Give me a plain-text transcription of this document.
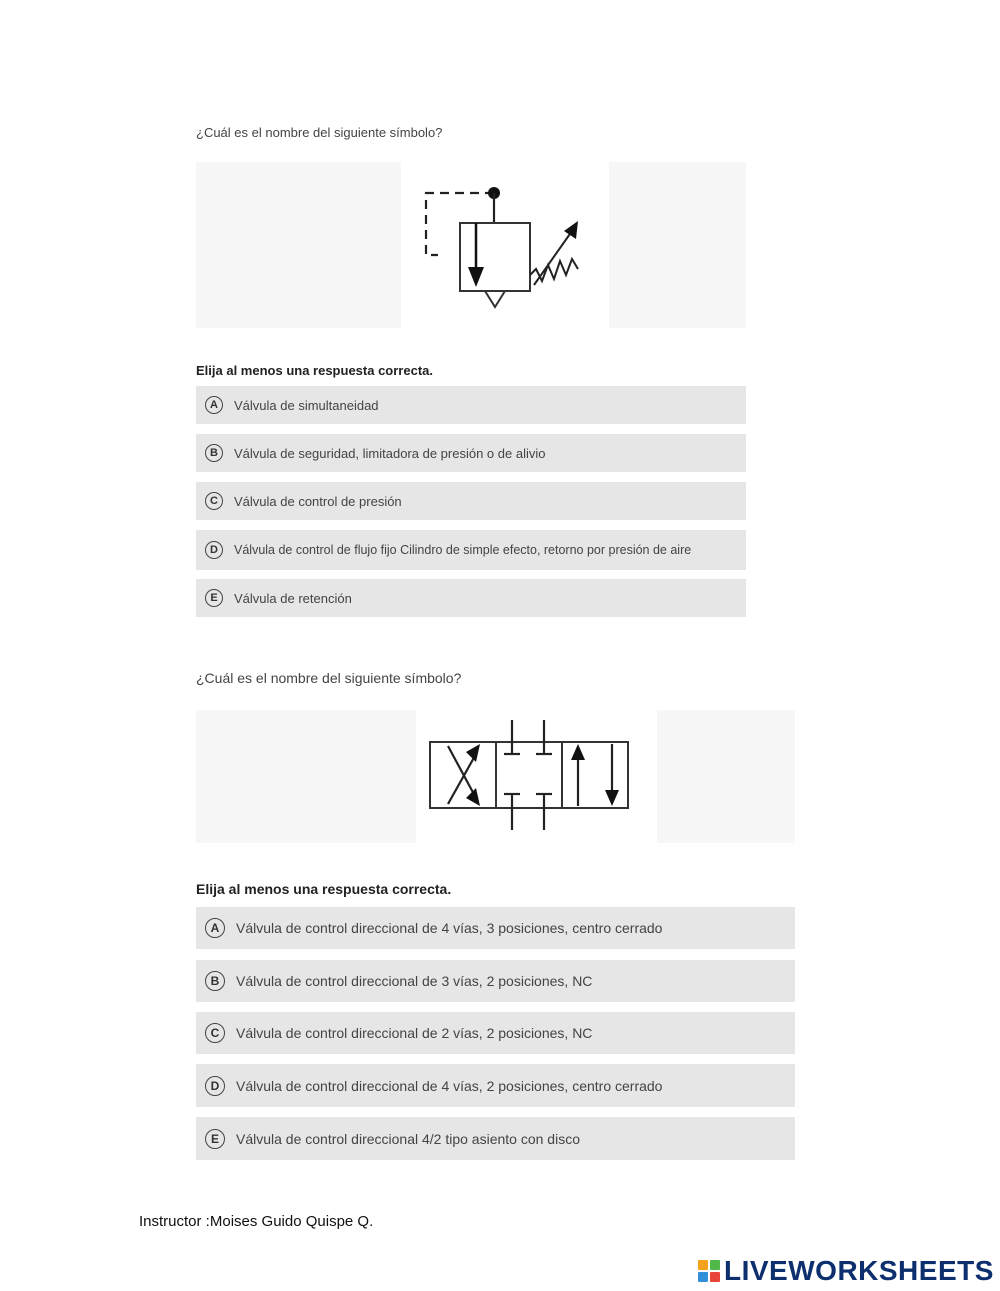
¿Cuál es el nombre del siguiente símbolo?
Elija al menos una respuesta correcta.
A	Válvula de simultaneidad
B	Válvula de seguridad, limitadora de presión o de alivio
C	Válvula de control de presión
D	Válvula de control de flujo fijo Cilindro de simple efecto, retorno por presión de aire
E	Válvula de retención
¿Cuál es el nombre del siguiente símbolo?
Elija al menos una respuesta correcta.
A	Válvula de control direccional de 4 vías, 3 posiciones, centro cerrado
B	Válvula de control direccional de 3 vías, 2 posiciones, NC
C	Válvula de control direccional de 2 vías, 2 posiciones, NC
D	Válvula de control direccional de 4 vías, 2 posiciones, centro cerrado
E	Válvula de control direccional 4/2 tipo asiento con disco
Instructor :Moises Guido Quispe Q.
LIVEWORKSHEETS
